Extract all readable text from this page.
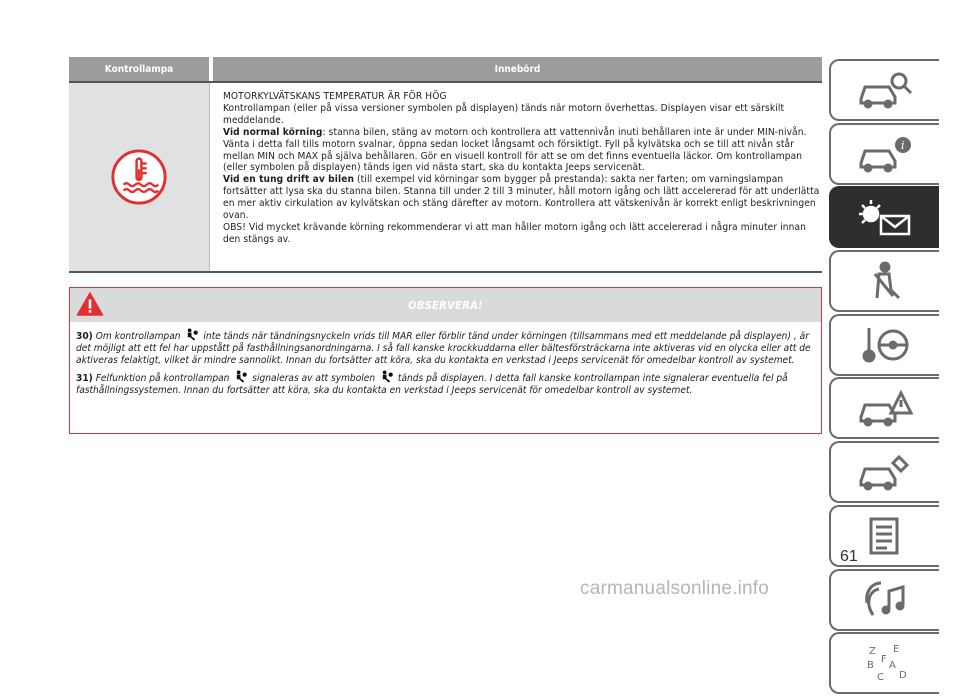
Kontrollampa	Innebörd

MOTORKYLVÄTSKANS TEMPERATUR ÄR FÖR HÖG

Kontrollampan (eller på vissa versioner symbolen på displayen) tänds när motorn överhettas. Displayen visar ett särskilt meddelande.

Vid normal körning: stanna bilen, stäng av motorn och kontrollera att vattennivån inuti behållaren inte är under MIN-nivån. Vänta i detta fall tills motorn svalnar, öppna sedan locket långsamt och försiktigt. Fyll på kylvätska och se till att nivån står mellan MIN och MAX på själva behållaren. Gör en visuell kontroll för att se om det finns eventuella läckor. Om kontrollampan (eller symbolen på displayen) tänds igen vid nästa start, ska du kontakta Jeeps servicenät.

Vid en tung drift av bilen (till exempel vid körningar som bygger på prestanda): sakta ner farten; om varningslampan fortsätter att lysa ska du stanna bilen. Stanna till under 2 till 3 minuter, håll motorn igång och lätt accelererad för att underlätta en mer aktiv cirkulation av kylvätskan och stäng därefter av motorn. Kontrollera att vätskenivån är korrekt enligt beskrivningen ovan.

OBS! Vid mycket krävande körning rekommenderar vi att man håller motorn igång och lätt accelererad i några minuter innan den stängs av.

OBSERVERA!

30) Om kontrollampan inte tänds när tändningsnyckeln vrids till MAR eller förblir tänd under körningen (tillsammans med ett meddelande på displayen) , är det möjligt att ett fel har uppstått på fasthållningsanordningarna. I så fall kanske krockkuddarna eller bältesförsträckarna inte aktiveras vid en olycka eller att de aktiveras felaktigt, vilket är mindre sannolikt. Innan du fortsätter att köra, ska du kontakta en verkstad i Jeeps servicenät för omedelbar kontroll av systemet.

31) Felfunktion på kontrollampan signaleras av att symbolen tänds på displayen. I detta fall kanske kontrollampan inte signalerar eventuella fel på fasthållningssystemen. Innan du fortsätter att köra, ska du kontakta en verkstad i Jeeps servicenät för omedelbar kontroll av systemet.

i
Z E
B A
C D
F
61
carmanualsonline.info
